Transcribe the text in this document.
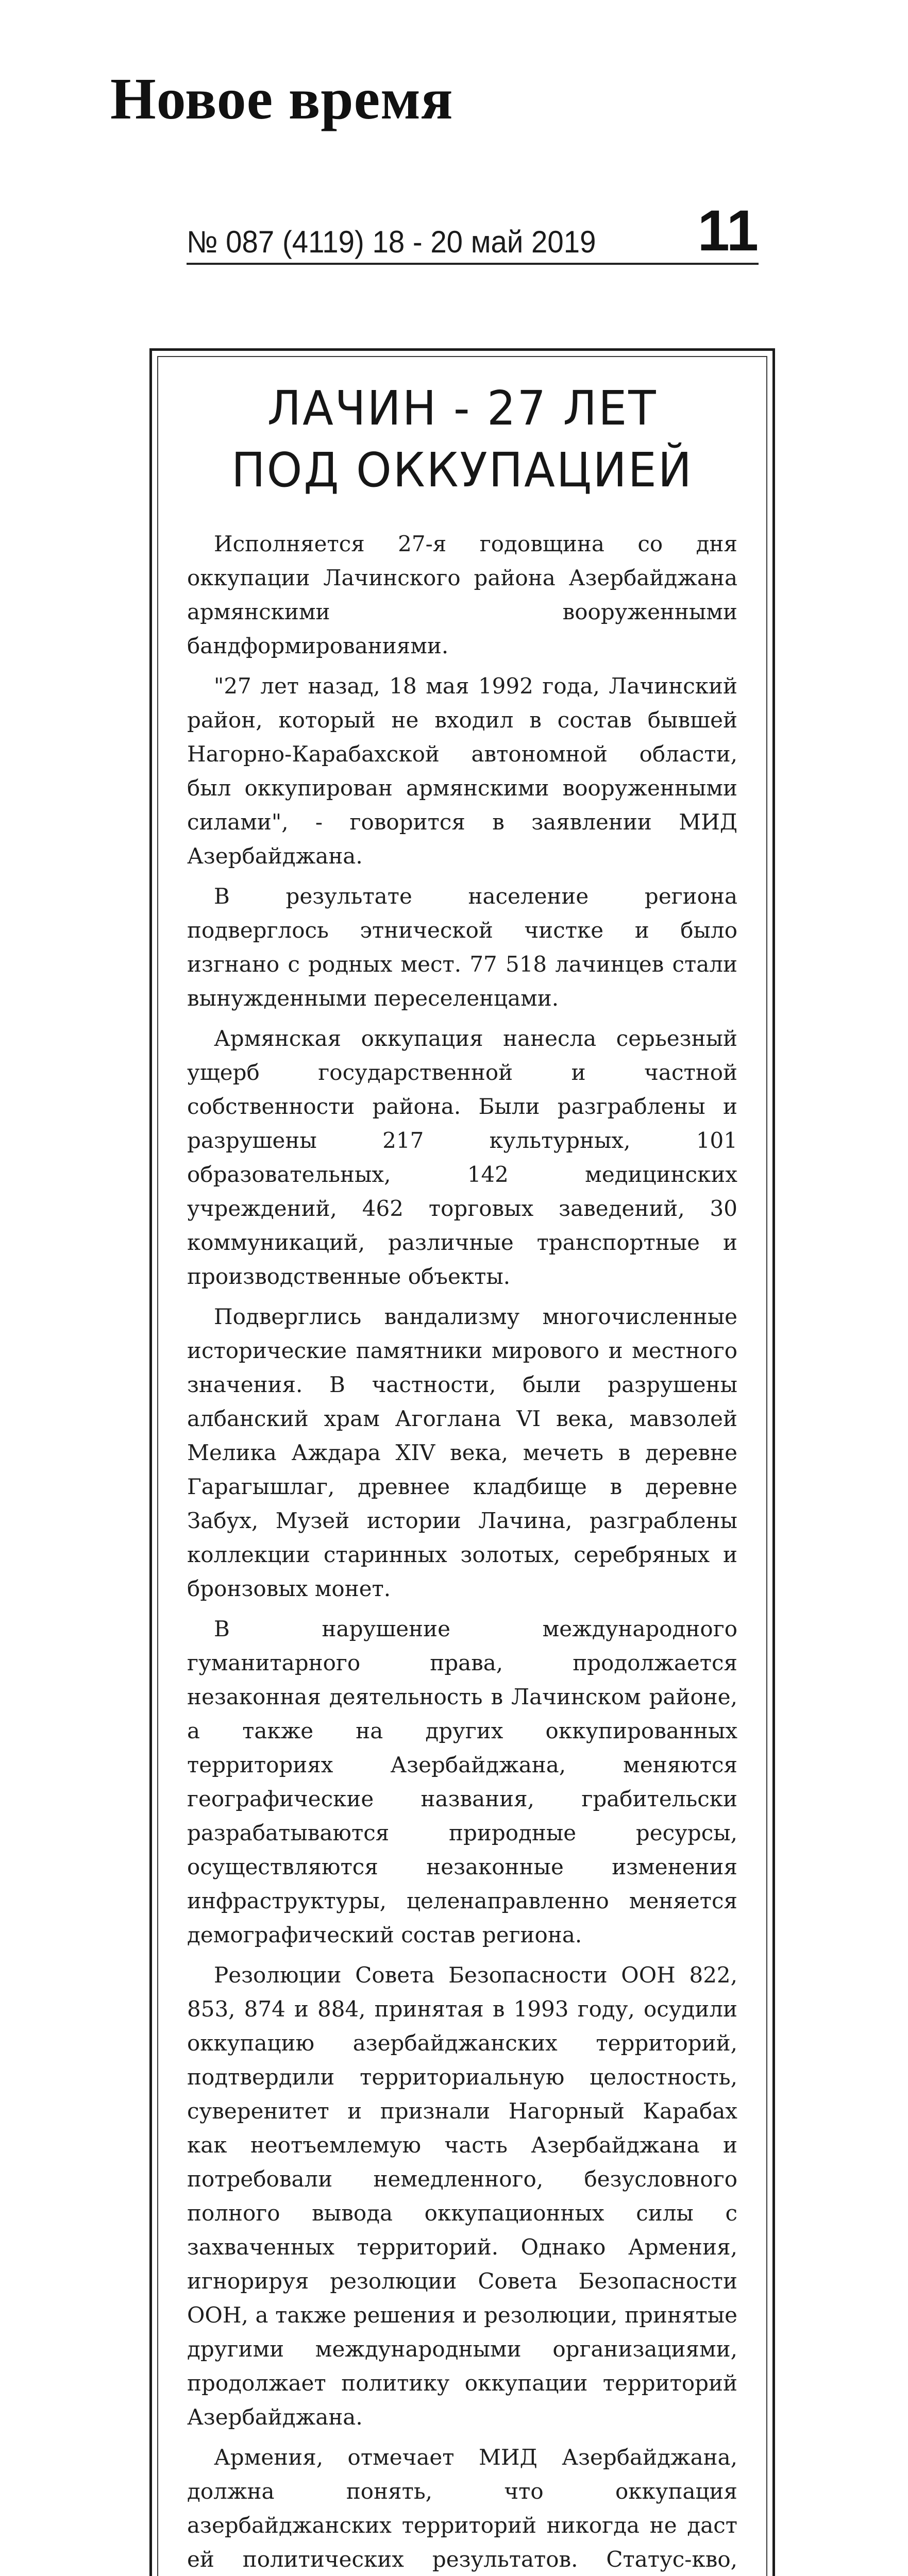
Новое время
№ 087 (4119) 18 - 20 май 2019 11
ЛАЧИН - 27 ЛЕТ
ПОД ОККУПАЦИЕЙ

Исполняется 27-я годовщина со дня оккупации Лачинского района Азербайджана армянскими вооруженными бандформированиями.

"27 лет назад, 18 мая 1992 года, Лачинский район, который не входил в состав бывшей Нагорно-Карабахской автономной области, был оккупирован армянскими вооруженными силами", - говорится в заявлении МИД Азербайджана.

В результате население региона подверглось этнической чистке и было изгнано с родных мест. 77 518 лачинцев стали вынужденными переселенцами.

Армянская оккупация нанесла серьезный ущерб государственной и частной собственности района. Были разграблены и разрушены 217 культурных, 101 образовательных, 142 медицинских учреждений, 462 торговых заведений, 30 коммуникаций, различные транспортные и производственные объекты.

Подверглись вандализму многочисленные исторические памятники мирового и местного значения. В частности, были разрушены албанский храм Агоглана VI века, мавзолей Мелика Аждара XIV века, мечеть в деревне Гарагышлаг, древнее кладбище в деревне Забух, Музей истории Лачина, разграблены коллекции старинных золотых, серебряных и бронзовых монет.

В нарушение международного гуманитарного права, продолжается незаконная деятельность в Лачинском районе, а также на других оккупированных территориях Азербайджана, меняются географические названия, грабительски разрабатываются природные ресурсы, осуществляются незаконные изменения инфраструктуры, целенаправленно меняется демографический состав региона.

Резолюции Совета Безопасности ООН 822, 853, 874 и 884, принятая в 1993 году, осудили оккупацию азербайджанских территорий, подтвердили территориальную целостность, суверенитет и признали Нагорный Карабах как неотъемлемую часть Азербайджана и потребовали немедленного, безусловного полного вывода оккупационных силы с захваченных территорий. Однако Армения, игнорируя резолюции Совета Безопасности ООН, а также решения и резолюции, принятые другими международными организациями, продолжает политику оккупации территорий Азербайджана.

Армения, отмечает МИД Азербайджана, должна понять, что оккупация азербайджанских территорий никогда не даст ей политических результатов. Статус-кво,
